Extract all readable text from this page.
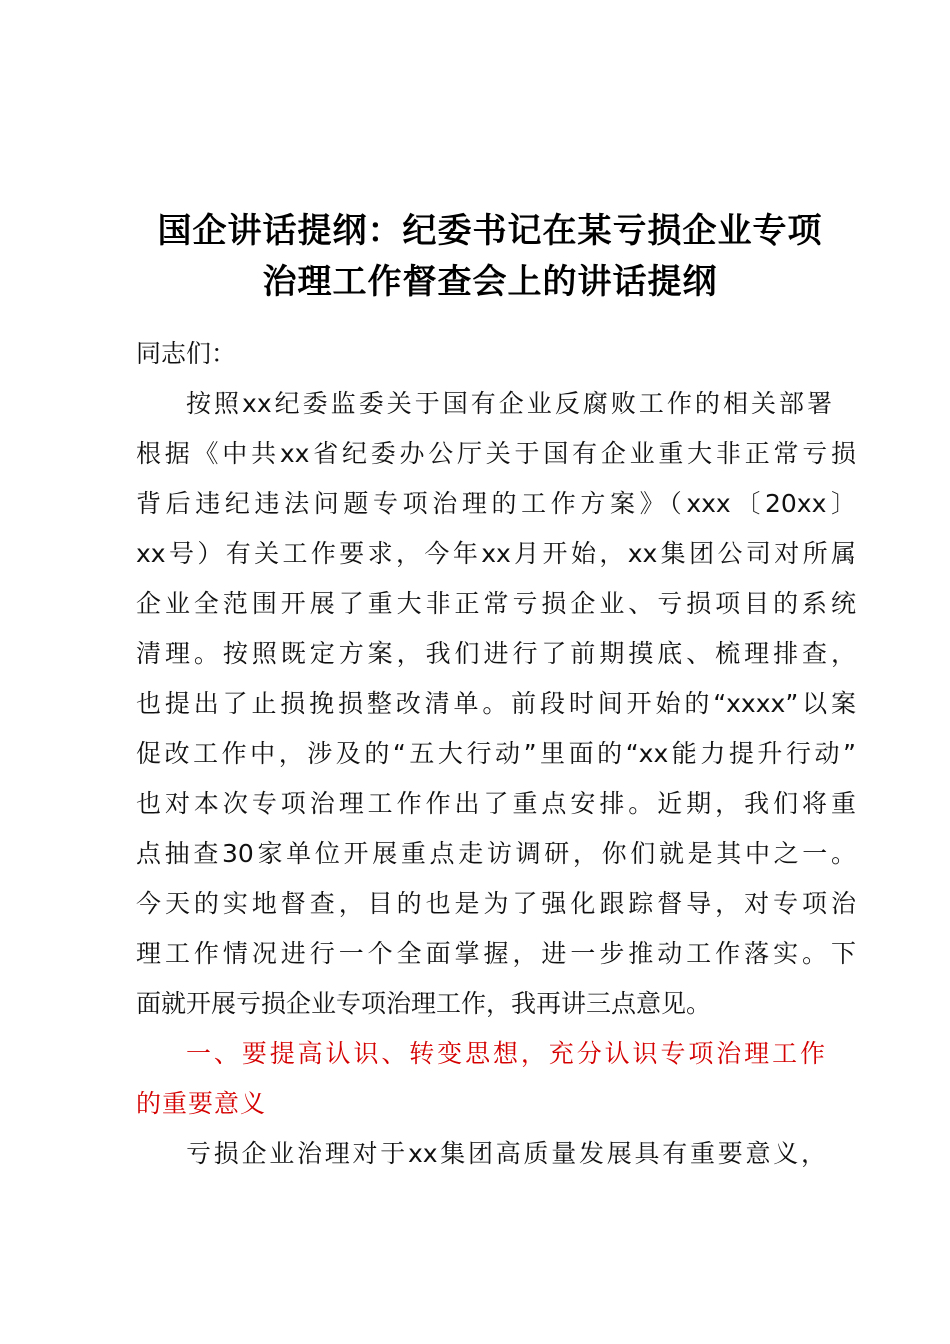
国企讲话提纲：纪委书记在某亏损企业专项
治理工作督查会上的讲话提纲
同志们：
按照xx纪委监委关于国有企业反腐败工作的相关部署
根据《中共xx省纪委办公厅关于国有企业重大非正常亏损
背后违纪违法问题专项治理的工作方案》（xxx〔20xx〕
xx号）有关工作要求，今年xx月开始，xx集团公司对所属
企业全范围开展了重大非正常亏损企业、亏损项目的系统
清理。按照既定方案，我们进行了前期摸底、梳理排查，
也提出了止损挽损整改清单。前段时间开始的“xxxx”以案
促改工作中，涉及的“五大行动”里面的“xx能力提升行动”
也对本次专项治理工作作出了重点安排。近期，我们将重
点抽查30家单位开展重点走访调研，你们就是其中之一。
今天的实地督查，目的也是为了强化跟踪督导，对专项治
理工作情况进行一个全面掌握，进一步推动工作落实。下
面就开展亏损企业专项治理工作，我再讲三点意见。
一、要提高认识、转变思想，充分认识专项治理工作
的重要意义
亏损企业治理对于xx集团高质量发展具有重要意义，
